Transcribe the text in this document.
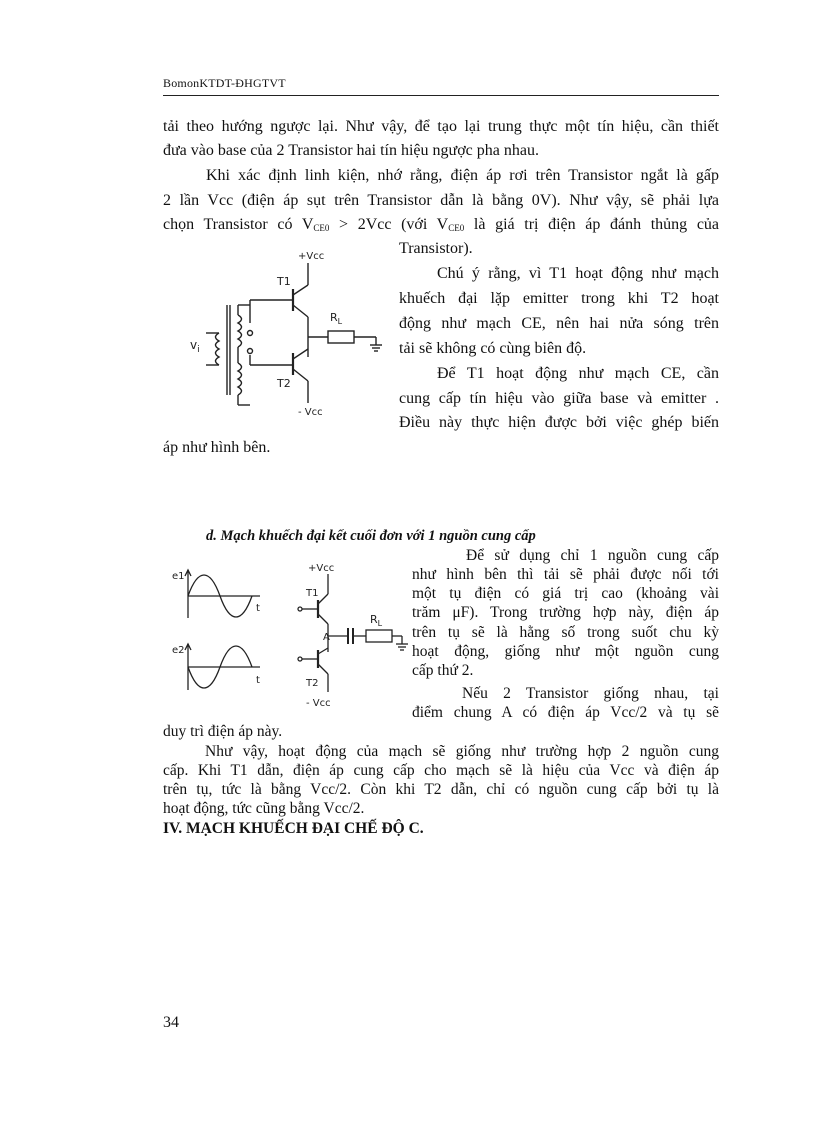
BomonKTDT-ĐHGTVT
tải theo hướng ngược lại. Như vậy, để tạo lại trung thực một tín hiệu, cần thiết
đưa vào base của 2 Transistor hai tín hiệu ngược pha nhau.
Khi xác định linh kiện, nhớ rằng, điện áp rơi trên Transistor ngắt là gấp
2 lần Vcc (điện áp sụt trên Transistor dẫn là bằng 0V). Như vậy, sẽ phải lựa
chọn Transistor có $V_{CE0} > 2Vcc$ (với $V_{CE0}$ là giá trị điện áp đánh thủng của
Transistor).
+Vcc
T1
$R_L$
T2
- Vcc
$v_i$
Chú ý rằng, vì T1 hoạt động như mạch
khuếch đại lặp emitter trong khi T2 hoạt
động như mạch CE, nên hai nửa sóng trên
tải sẽ không có cùng biên độ.
Để T1 hoạt động như mạch CE, cần
cung cấp tín hiệu vào giữa base và emitter .
Điều này thực hiện được bởi việc ghép biến
áp như hình bên.
d. Mạch khuếch đại kết cuối đơn với 1 nguồn cung cấp
e1
t
e2
t
+Vcc
T1
A
$R_L$
T2
- Vcc
Để sử dụng chỉ 1 nguồn cung cấp
như hình bên thì tải sẽ phải được nối tới
một tụ điện có giá trị cao (khoảng vài
trăm μF). Trong trường hợp này, điện áp
trên tụ sẽ là hằng số trong suốt chu kỳ
hoạt động, giống như một nguồn cung
cấp thứ 2.
Nếu 2 Transistor giống nhau, tại
điểm chung A có điện áp Vcc/2 và tụ sẽ
duy trì điện áp này.
Như vậy, hoạt động của mạch sẽ giống như trường hợp 2 nguồn cung
cấp. Khi T1 dẫn, điện áp cung cấp cho mạch sẽ là hiệu của Vcc và điện áp
trên tụ, tức là bằng Vcc/2. Còn khi T2 dẫn, chỉ có nguồn cung cấp bởi tụ là
hoạt động, tức cũng bằng Vcc/2.
IV. MẠCH KHUẾCH ĐẠI CHẾ ĐỘ C.
34
